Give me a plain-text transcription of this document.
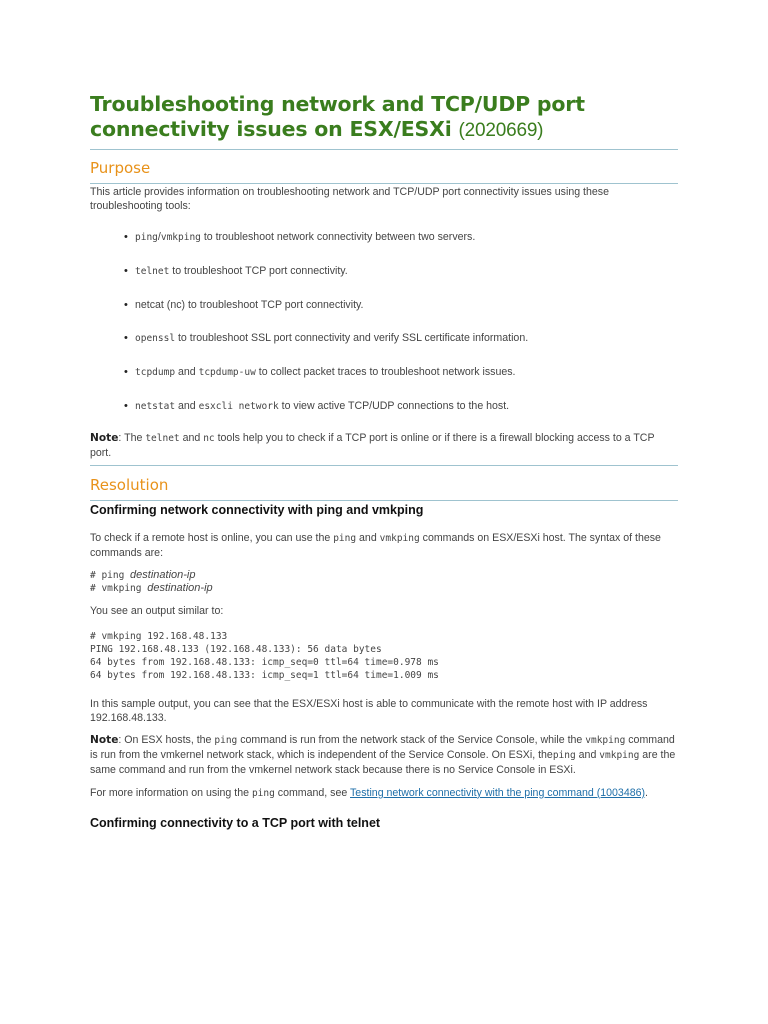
Troubleshooting network and TCP/UDP port connectivity issues on ESX/ESXi (2020669)
Purpose

This article provides information on troubleshooting network and TCP/UDP port connectivity issues using these troubleshooting tools:

• ping/vmkping to troubleshoot network connectivity between two servers.
• telnet to troubleshoot TCP port connectivity.
• netcat (nc) to troubleshoot TCP port connectivity.
• openssl to troubleshoot SSL port connectivity and verify SSL certificate information.
• tcpdump and tcpdump-uw to collect packet traces to troubleshoot network issues.
• netstat and esxcli network to view active TCP/UDP connections to the host.

Note: The telnet and nc tools help you to check if a TCP port is online or if there is a firewall blocking access to a TCP port.

Resolution
Confirming network connectivity with ping and vmkping

To check if a remote host is online, you can use the ping and vmkping commands on ESX/ESXi host. The syntax of these commands are:

# ping destination-ip
# vmkping destination-ip

You see an output similar to:

# vmkping 192.168.48.133
PING 192.168.48.133 (192.168.48.133): 56 data bytes
64 bytes from 192.168.48.133: icmp_seq=0 ttl=64 time=0.978 ms
64 bytes from 192.168.48.133: icmp_seq=1 ttl=64 time=1.009 ms

In this sample output, you can see that the ESX/ESXi host is able to communicate with the remote host with IP address 192.168.48.133.

Note: On ESX hosts, the ping command is run from the network stack of the Service Console, while the vmkping command is run from the vmkernel network stack, which is independent of the Service Console. On ESXi, theping and vmkping are the same command and run from the vmkernel network stack because there is no Service Console in ESXi.

For more information on using the ping command, see Testing network connectivity with the ping command (1003486).

Confirming connectivity to a TCP port with telnet
